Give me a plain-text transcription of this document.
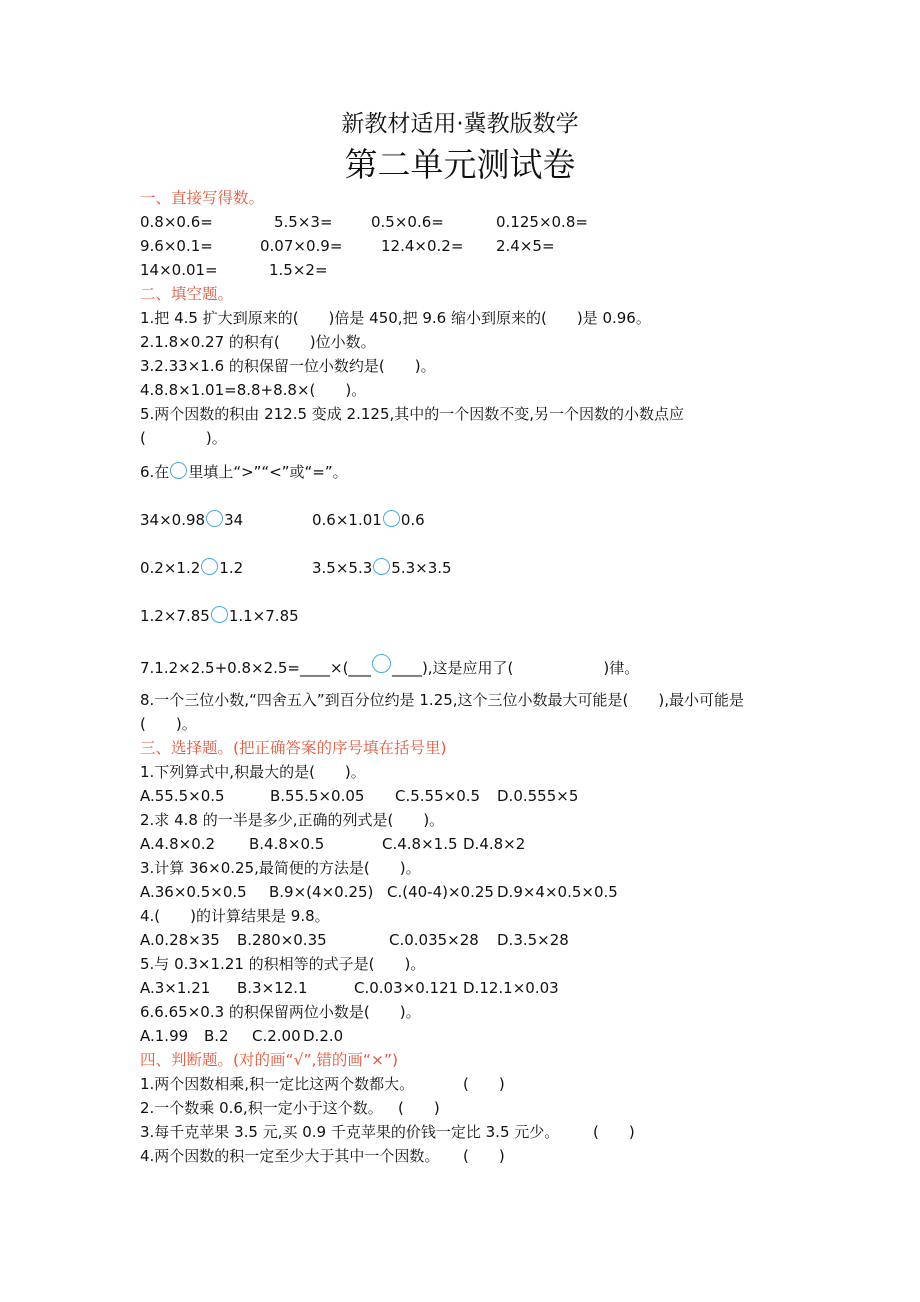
新教材适用·冀教版数学
第二单元测试卷
一、直接写得数。
0.8×0.6=	5.5×3=	0.5×0.6=	0.125×0.8=
9.6×0.1=	0.07×0.9=	12.4×0.2= 2.4×5=
14×0.01=	1.5×2=
二、填空题。
1.把 4.5 扩大到原来的(　　)倍是 450,把 9.6 缩小到原来的(　　)是 0.96。
2.1.8×0.27 的积有(　　)位小数。
3.2.33×1.6 的积保留一位小数约是(　　)。
4.8.8×1.01=8.8+8.8×(　　)。
5.两个因数的积由 212.5 变成 2.125,其中的一个因数不变,另一个因数的小数点应
(　　　　)。
6.在 里填上“>”“<”或“=”。
34×0.98 34	0.6×1.01 0.6
0.2×1.2 1.2	3.5×5.3 5.3×3.5
1.2×7.85 1.1×7.85
7.1.2×2.5+0.8×2.5=____×(___ ____),这是应用了(　　　　　　)律。
8.一个三位小数,“四舍五入”到百分位约是 1.25,这个三位小数最大可能是(　　),最小可能是
(　　)。
三、选择题。(把正确答案的序号填在括号里)
1.下列算式中,积最大的是(　　)。
A.55.5×0.5	B.55.5×0.05 C.5.55×0.5 D.0.555×5
2.求 4.8 的一半是多少,正确的列式是(　　)。
A.4.8×0.2 B.4.8×0.5	C.4.8×1.5 D.4.8×2
3.计算 36×0.25,最简便的方法是(　　)。
A.36×0.5×0.5 B.9×(4×0.25) C.(40-4)×0.25 D.9×4×0.5×0.5
4.(　　)的计算结果是 9.8。
A.0.28×35 B.280×0.35	C.0.035×28 D.3.5×28
5.与 0.3×1.21 的积相等的式子是(　　)。
A.3×1.21 B.3×12.1	C.0.03×0.121 D.12.1×0.03
6.6.65×0.3 的积保留两位小数是(　　)。
A.1.99 B.2 C.2.00 D.2.0
四、判断题。(对的画“√”,错的画“×”)
1.两个因数相乘,积一定比这两个数都大。	(　　)
2.一个数乘 0.6,积一定小于这个数。 (　　)
3.每千克苹果 3.5 元,买 0.9 千克苹果的价钱一定比 3.5 元少。 (　　)
4.两个因数的积一定至少大于其中一个因数。 (　　)
